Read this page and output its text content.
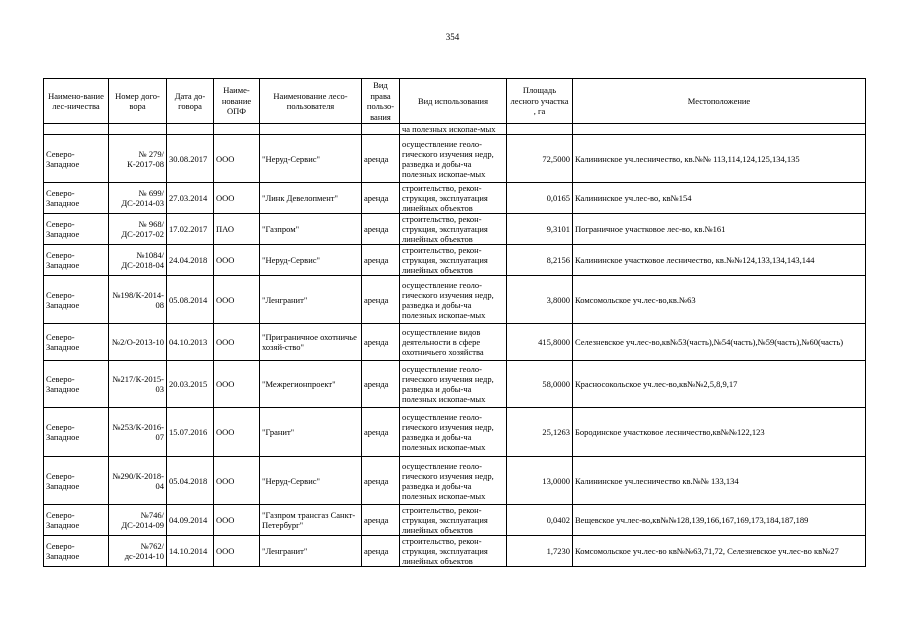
354
Наимено-вание лес-ничества	Номер дого-вора	Дата до-говора	Наиме-нование ОПФ	Наименование лесо-пользователя	Вид права пользо-вания	Вид использования	Площадь лесного участка , га	Местоположение
						ча полезных ископае-мых		
Северо-Западное	№ 279/К-2017-08	30.08.2017	ООО	"Неруд-Сервис"	аренда	осуществление геоло-гического изучения недр, разведка и добы-ча полезных ископае-мых	72,5000	Калининское уч.лесничество, кв.№№ 113,114,124,125,134,135
Северо-Западное	№ 699/ДС-2014-03	27.03.2014	ООО	"Линк Девелопмент"	аренда	строительство, рекон-струкция, эксплуатация линейных объектов	0,0165	Калининское уч.лес-во, кв№154
Северо-Западное	№ 968/ДС-2017-02	17.02.2017	ПАО	"Газпром"	аренда	строительство, рекон-струкция, эксплуатация линейных объектов	9,3101	Пограничное участковое лес-во, кв.№161
Северо-Западное	№1084/ДС-2018-04	24.04.2018	ООО	"Неруд-Сервис"	аренда	строительство, рекон-струкция, эксплуатация линейных объектов	8,2156	Калининское участковое лесничество, кв.№№124,133,134,143,144
Северо-Западное	№198/К-2014-08	05.08.2014	ООО	"Ленгранит"	аренда	осуществление геоло-гического изучения недр, разведка и добы-ча полезных ископае-мых	3,8000	Комсомольское уч.лес-во,кв.№63
Северо-Западное	№2/О-2013-10	04.10.2013	ООО	"Приграничное охотничье хозяй-ство"	аренда	осуществление видов деятельности в сфере охотничьего хозяйства	415,8000	Селезневское уч.лес-во,кв№53(часть),№54(часть),№59(часть),№60(часть)
Северо-Западное	№217/К-2015-03	20.03.2015	ООО	"Межрегионпроект"	аренда	осуществление геоло-гического изучения недр, разведка и добы-ча полезных ископае-мых	58,0000	Красносокольское уч.лес-во,кв№№2,5,8,9,17
Северо-Западное	№253/К-2016-07	15.07.2016	ООО	"Гранит"	аренда	осуществление геоло-гического изучения недр, разведка и добы-ча полезных ископае-мых	25,1263	Бородинское участковое лесничество,кв№№122,123
Северо-Западное	№290/К-2018-04	05.04.2018	ООО	"Неруд-Сервис"	аренда	осуществление геоло-гического изучения недр, разведка и добы-ча полезных ископае-мых	13,0000	Калининское уч.лесничество кв.№№ 133,134
Северо-Западное	№746/ДС-2014-09	04.09.2014	ООО	"Газпром трансгаз Санкт-Петербург"	аренда	строительство, рекон-струкция, эксплуатация линейных объектов	0,0402	Вещевское уч.лес-во,кв№№128,139,166,167,169,173,184,187,189
Северо-Западное	№762/дс-2014-10	14.10.2014	ООО	"Ленгранит"	аренда	строительство, рекон-струкция, эксплуатация линейных объектов	1,7230	Комсомольское уч.лес-во кв№№63,71,72, Селезневское уч.лес-во кв№27
